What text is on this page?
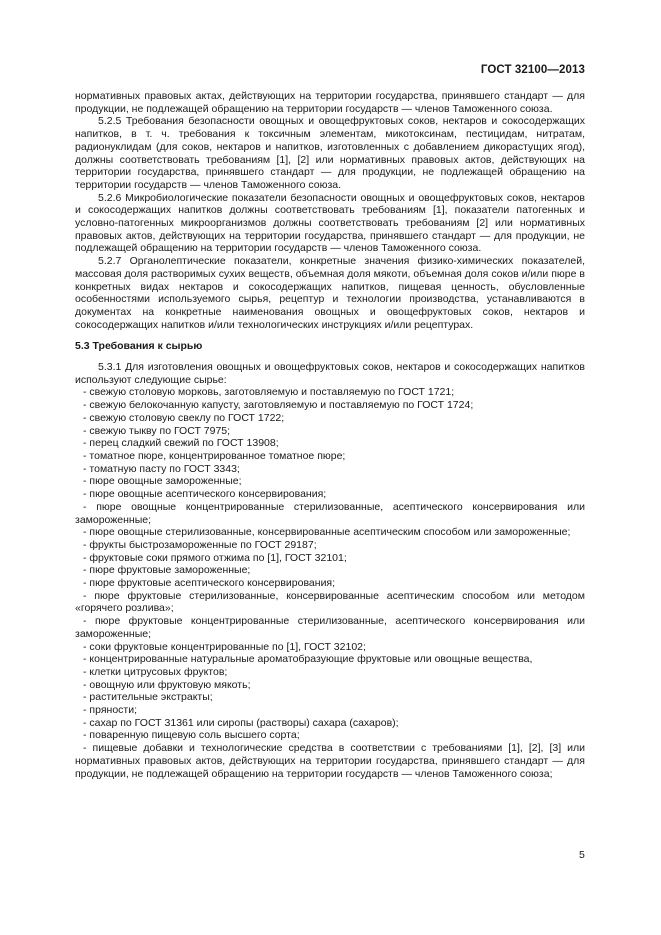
ГОСТ 32100—2013

нормативных правовых актах, действующих на территории государства, принявшего стандарт — для продукции, не подлежащей обращению на территории государств — членов Таможенного союза.

5.2.5 Требования безопасности овощных и овощефруктовых соков, нектаров и сокосодержащих напитков, в т. ч. требования к токсичным элементам, микотоксинам, пестицидам, нитратам, радионуклидам (для соков, нектаров и напитков, изготовленных с добавлением дикорастущих ягод), должны соответствовать требованиям [1], [2] или нормативных правовых актов, действующих на территории государства, принявшего стандарт — для продукции, не подлежащей обращению на территории государств — членов Таможенного союза.

5.2.6 Микробиологические показатели безопасности овощных и овощефруктовых соков, нектаров и сокосодержащих напитков должны соответствовать требованиям [1], показатели патогенных и условно-патогенных микроорганизмов должны соответствовать требованиям [2] или нормативных правовых актов, действующих на территории государства, принявшего стандарт — для продукции, не подлежащей обращению на территории государств — членов Таможенного союза.

5.2.7 Органолептические показатели, конкретные значения физико-химических показателей, массовая доля растворимых сухих веществ, объемная доля мякоти, объемная доля соков и/или пюре в конкретных видах нектаров и сокосодержащих напитков, пищевая ценность, обусловленные особенностями используемого сырья, рецептур и технологии производства, устанавливаются в документах на конкретные наименования овощных и овощефруктовых соков, нектаров и сокосодержащих напитков и/или технологических инструкциях и/или рецептурах.

5.3 Требования к сырью

5.3.1 Для изготовления овощных и овощефруктовых соков, нектаров и сокосодержащих напитков используют следующие сырье:

- свежую столовую морковь, заготовляемую и поставляемую по ГОСТ 1721;
- свежую белокочанную капусту, заготовляемую и поставляемую по ГОСТ 1724;
- свежую столовую свеклу по ГОСТ 1722;
- свежую тыкву по ГОСТ 7975;
- перец сладкий свежий по ГОСТ 13908;
- томатное пюре, концентрированное томатное пюре;
- томатную пасту по ГОСТ 3343;
- пюре овощные замороженные;
- пюре овощные асептического консервирования;
- пюре овощные концентрированные стерилизованные, асептического консервирования или замороженные;
- пюре овощные стерилизованные, консервированные асептическим способом или замороженные;
- фрукты быстрозамороженные по ГОСТ 29187;
- фруктовые соки прямого отжима по [1], ГОСТ 32101;
- пюре фруктовые замороженные;
- пюре фруктовые асептического консервирования;
- пюре фруктовые стерилизованные, консервированные асептическим способом или методом «горячего розлива»;
- пюре фруктовые концентрированные стерилизованные, асептического консервирования или замороженные;
- соки фруктовые концентрированные по [1], ГОСТ 32102;
- концентрированные натуральные ароматобразующие фруктовые или овощные вещества,
- клетки цитрусовых фруктов;
- овощную или фруктовую мякоть;
- растительные экстракты;
- пряности;
- сахар по ГОСТ 31361 или сиропы (растворы) сахара (сахаров);
- поваренную пищевую соль высшего сорта;
- пищевые добавки и технологические средства в соответствии с требованиями [1], [2], [3] или нормативных правовых актов, действующих на территории государства, принявшего стандарт — для продукции, не подлежащей обращению на территории государств — членов Таможенного союза;
5
